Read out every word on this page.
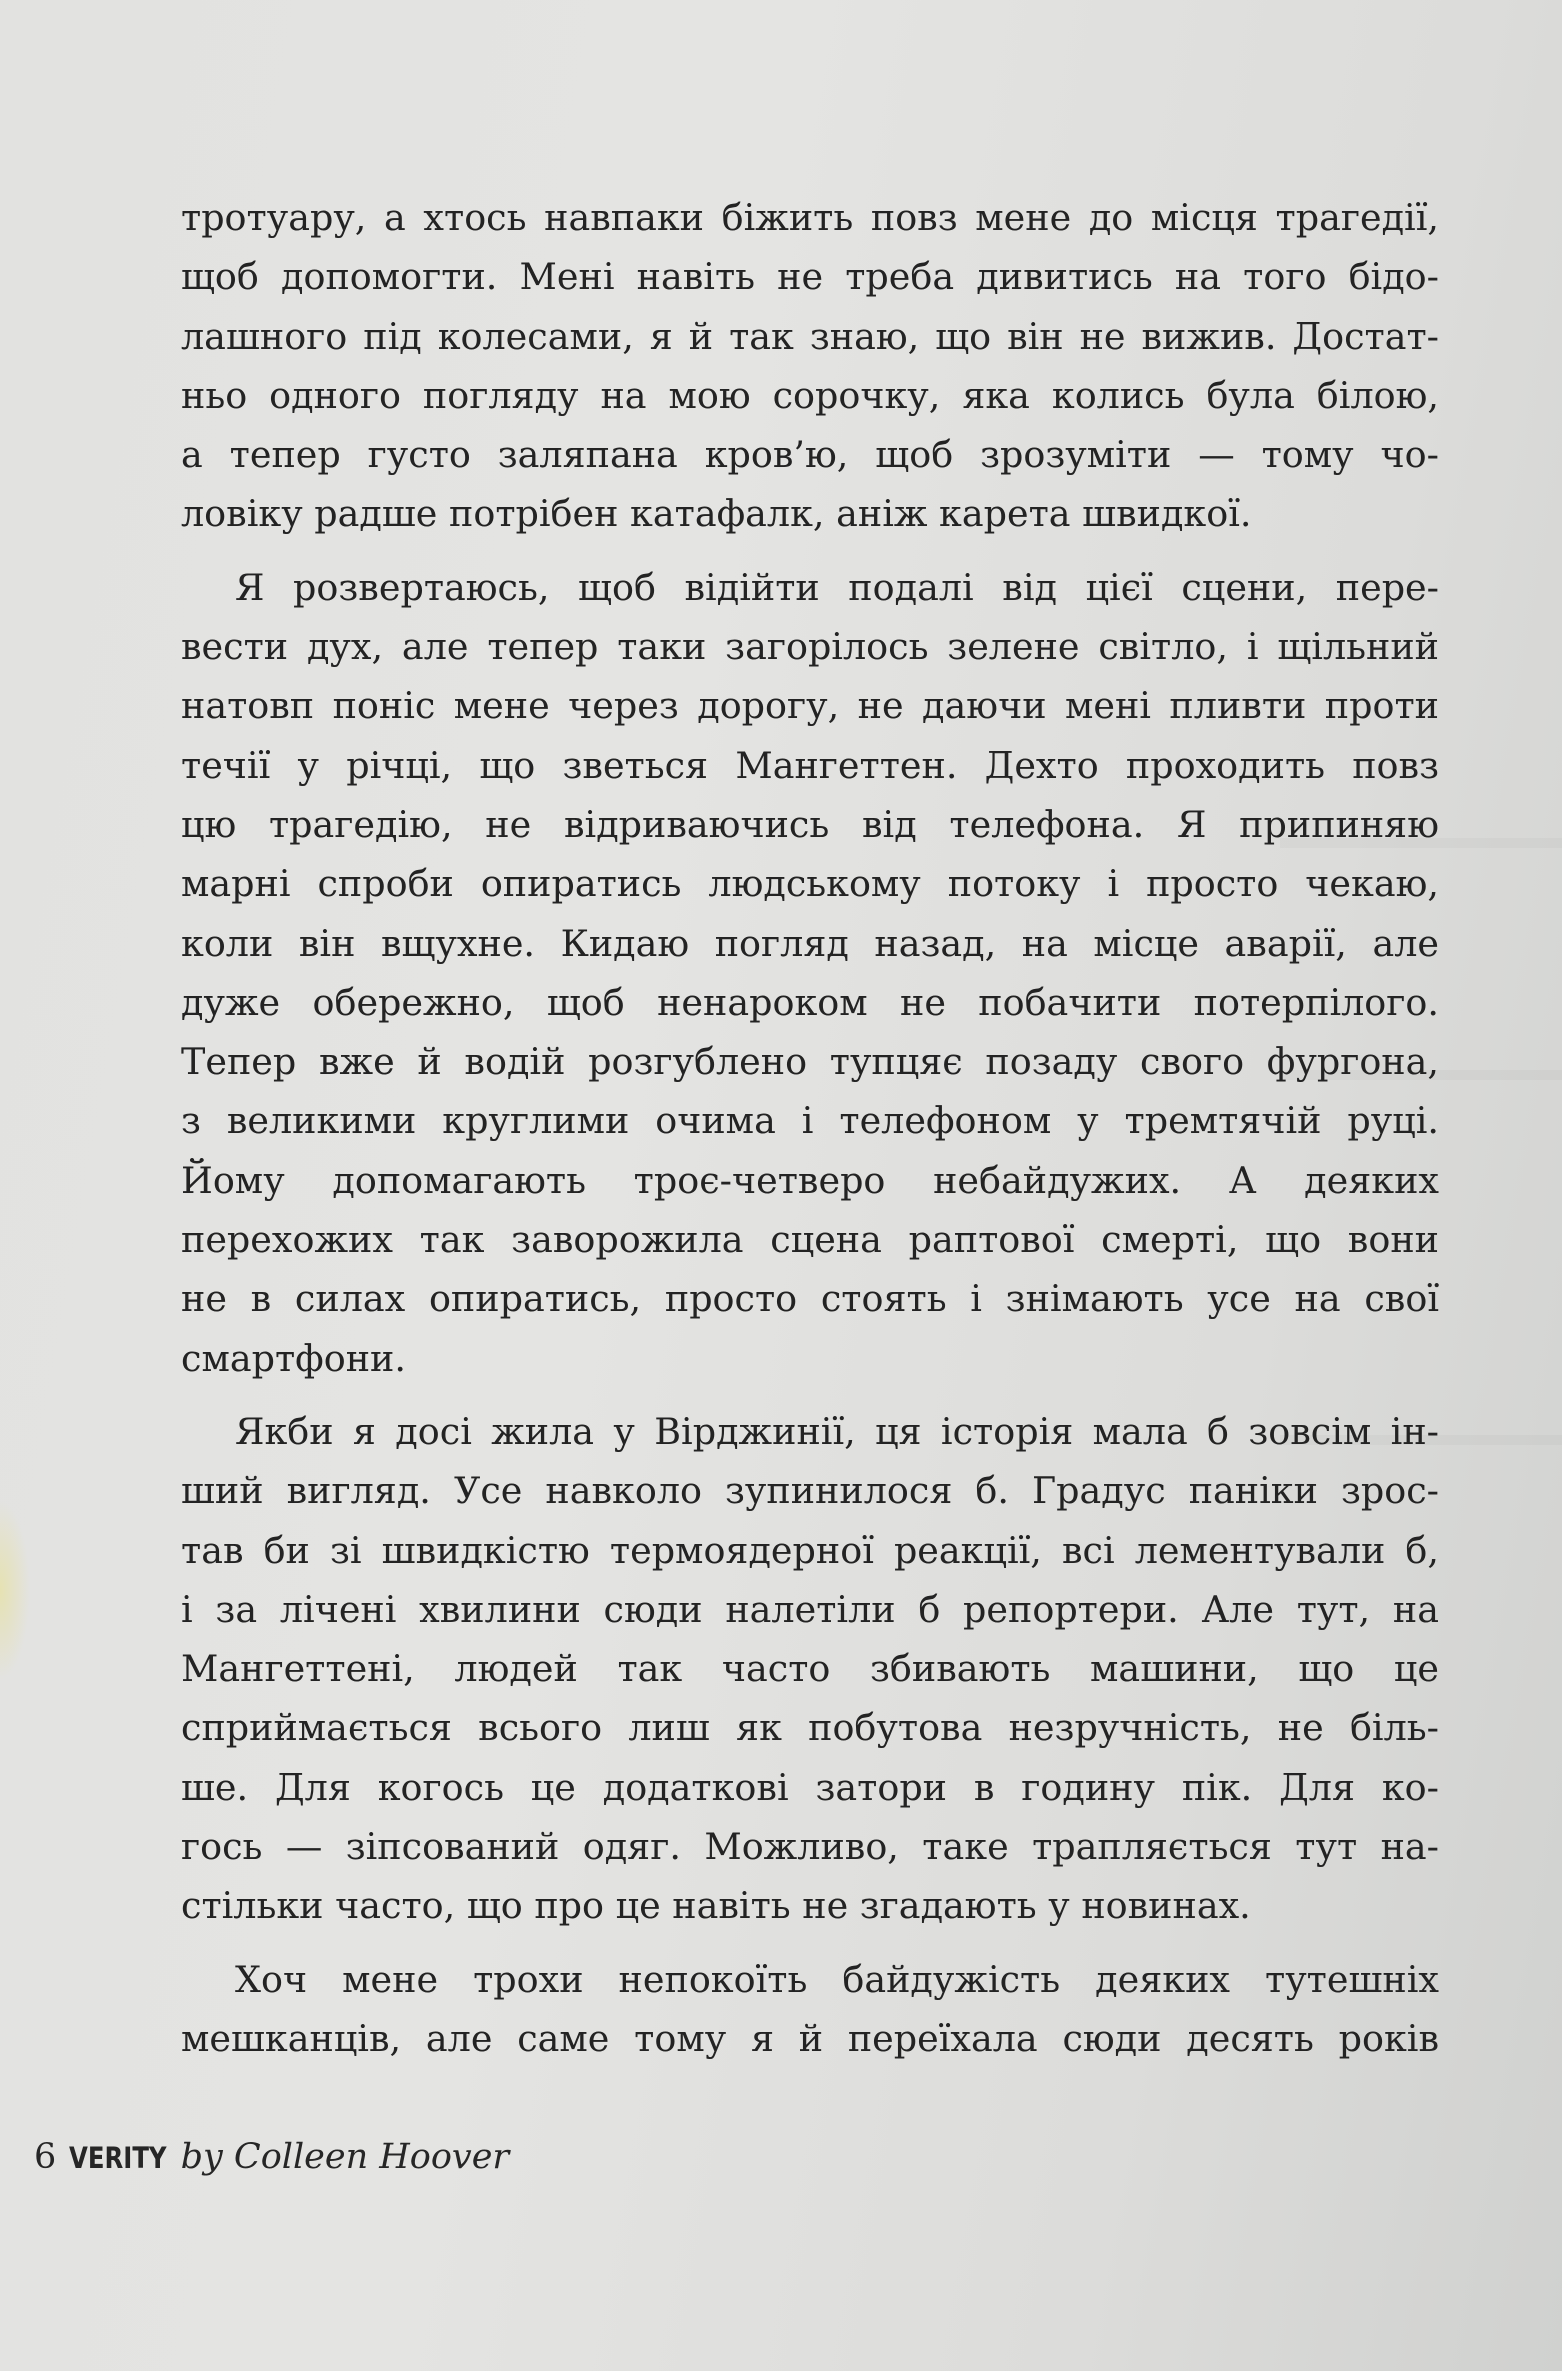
тротуару, а хтось навпаки біжить повз мене до місця трагедії,
щоб допомогти. Мені навіть не треба дивитись на того бідо-
лашного під колесами, я й так знаю, що він не вижив. Достат-
ньо одного погляду на мою сорочку, яка колись була білою,
а тепер густо заляпана кров’ю, щоб зрозуміти — тому чо-
ловіку радше потрібен катафалк, аніж карета швидкої.

Я розвертаюсь, щоб відійти подалі від цієї сцени, пере-
вести дух, але тепер таки загорілось зелене світло, і щільний
натовп поніс мене через дорогу, не даючи мені пливти проти
течії у річці, що зветься Мангеттен. Дехто проходить повз
цю трагедію, не відриваючись від телефона. Я припиняю
марні спроби опиратись людському потоку і просто чекаю,
коли він вщухне. Кидаю погляд назад, на місце аварії, але
дуже обережно, щоб ненароком не побачити потерпілого.
Тепер вже й водій розгублено тупцяє позаду свого фургона,
з великими круглими очима і телефоном у тремтячій руці.
Йому допомагають троє-четверо небайдужих. А деяких
перехожих так заворожила сцена раптової смерті, що вони
не в силах опиратись, просто стоять і знімають усе на свої
смартфони.

Якби я досі жила у Вірджинії, ця історія мала б зовсім ін-
ший вигляд. Усе навколо зупинилося б. Градус паніки зрос-
тав би зі швидкістю термоядерної реакції, всі лементували б,
і за лічені хвилини сюди налетіли б репортери. Але тут, на
Мангеттені, людей так часто збивають машини, що це
сприймається всього лиш як побутова незручність, не біль-
ше. Для когось це додаткові затори в годину пік. Для ко-
гось — зіпсований одяг. Можливо, таке трапляється тут на-
стільки часто, що про це навіть не згадають у новинах.

Хоч мене трохи непокоїть байдужість деяких тутешніх
мешканців, але саме тому я й переїхала сюди десять років

6 VERITY by Colleen Hoover
